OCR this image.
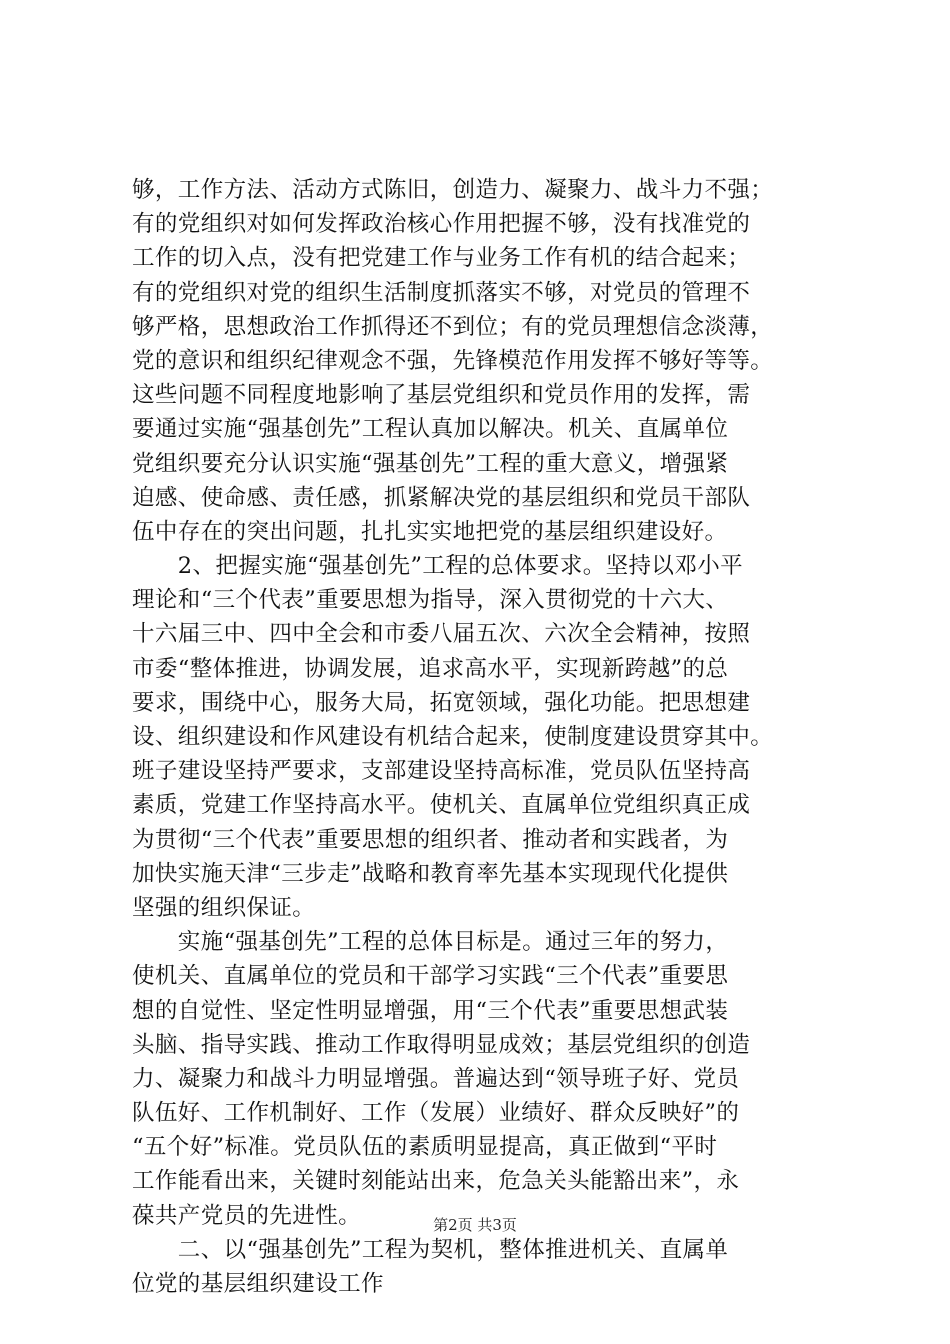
够，工作方法、活动方式陈旧，创造力、凝聚力、战斗力不强；
有的党组织对如何发挥政治核心作用把握不够，没有找准党的
工作的切入点，没有把党建工作与业务工作有机的结合起来；
有的党组织对党的组织生活制度抓落实不够，对党员的管理不
够严格，思想政治工作抓得还不到位；有的党员理想信念淡薄，
党的意识和组织纪律观念不强，先锋模范作用发挥不够好等等。
这些问题不同程度地影响了基层党组织和党员作用的发挥，需
要通过实施“强基创先”工程认真加以解决。机关、直属单位
党组织要充分认识实施“强基创先”工程的重大意义，增强紧
迫感、使命感、责任感，抓紧解决党的基层组织和党员干部队
伍中存在的突出问题，扎扎实实地把党的基层组织建设好。
　　2、把握实施“强基创先”工程的总体要求。坚持以邓小平
理论和“三个代表”重要思想为指导，深入贯彻党的十六大、
十六届三中、四中全会和市委八届五次、六次全会精神，按照
市委“整体推进，协调发展，追求高水平，实现新跨越”的总
要求，围绕中心，服务大局，拓宽领域，强化功能。把思想建
设、组织建设和作风建设有机结合起来，使制度建设贯穿其中。
班子建设坚持严要求，支部建设坚持高标准，党员队伍坚持高
素质，党建工作坚持高水平。使机关、直属单位党组织真正成
为贯彻“三个代表”重要思想的组织者、推动者和实践者，为
加快实施天津“三步走”战略和教育率先基本实现现代化提供
坚强的组织保证。
　　实施“强基创先”工程的总体目标是。通过三年的努力，
使机关、直属单位的党员和干部学习实践“三个代表”重要思
想的自觉性、坚定性明显增强，用“三个代表”重要思想武装
头脑、指导实践、推动工作取得明显成效；基层党组织的创造
力、凝聚力和战斗力明显增强。普遍达到“领导班子好、党员
队伍好、工作机制好、工作（发展）业绩好、群众反映好”的
“五个好”标准。党员队伍的素质明显提高，真正做到“平时
工作能看出来，关键时刻能站出来，危急关头能豁出来”，永
葆共产党员的先进性。
　　二、以“强基创先”工程为契机，整体推进机关、直属单
位党的基层组织建设工作
第2页 共3页
